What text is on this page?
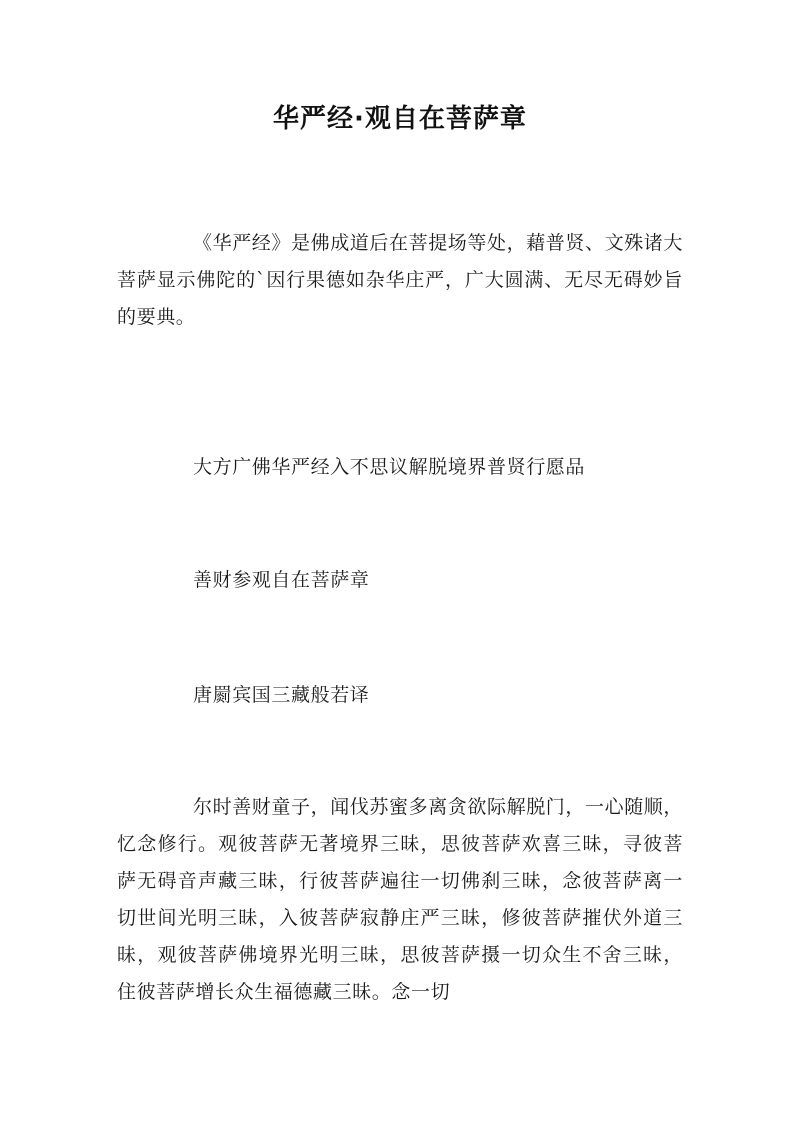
华严经·观自在菩萨章

《华严经》是佛成道后在菩提场等处，藉普贤、文殊诸大菩萨显示佛陀的`因行果德如杂华庄严，广大圆满、无尽无碍妙旨的要典。

大方广佛华严经入不思议解脱境界普贤行愿品
善财参观自在菩萨章
唐罽宾国三藏般若译

尔时善财童子，闻伐苏蜜多离贪欲际解脱门，一心随顺，忆念修行。观彼菩萨无著境界三昧，思彼菩萨欢喜三昧，寻彼菩萨无碍音声藏三昧，行彼菩萨遍往一切佛刹三昧，念彼菩萨离一切世间光明三昧，入彼菩萨寂静庄严三昧，修彼菩萨摧伏外道三昧，观彼菩萨佛境界光明三昧，思彼菩萨摄一切众生不舍三昧，住彼菩萨增长众生福德藏三昧。念一切
